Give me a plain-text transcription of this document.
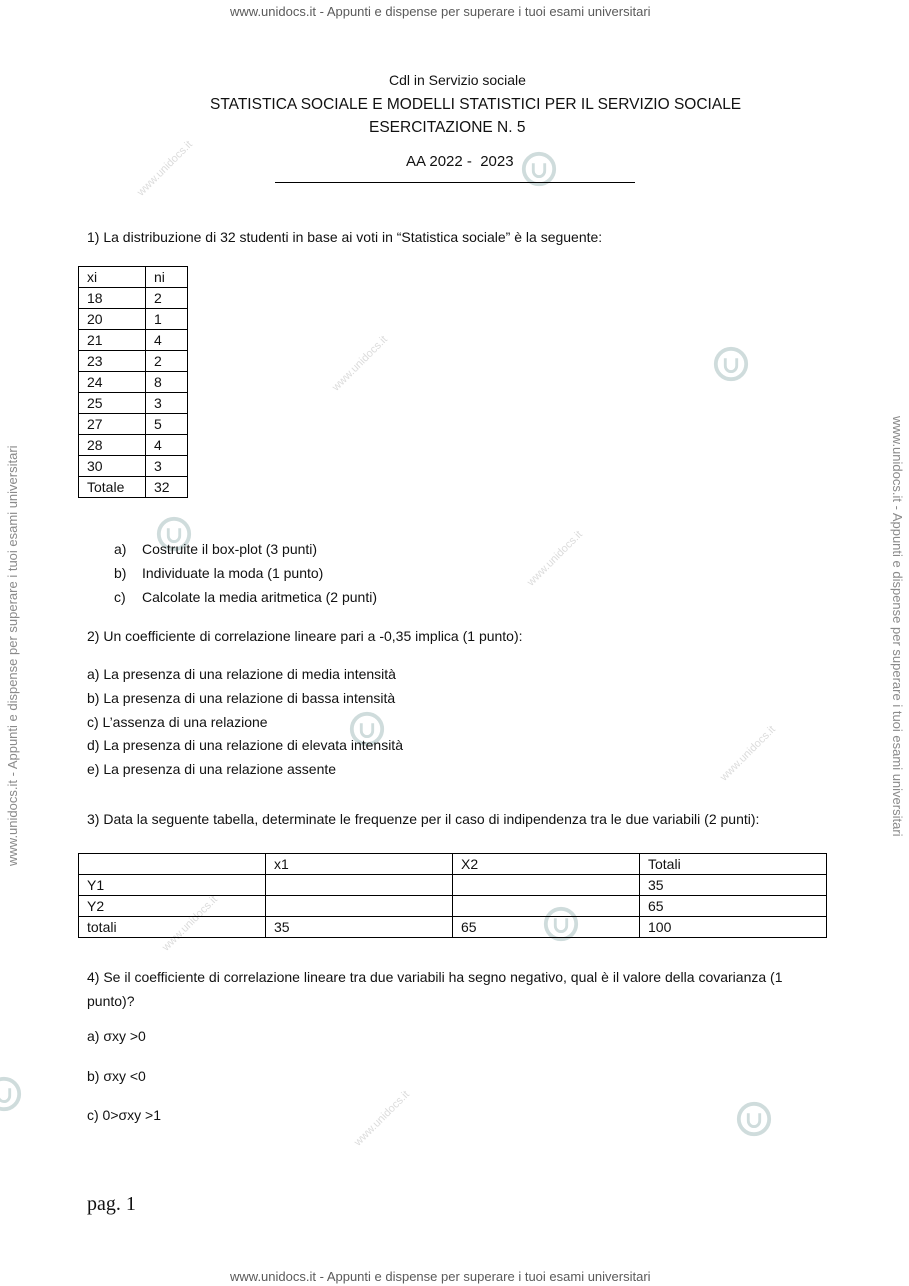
www.unidocs.it - Appunti e dispense per superare i tuoi esami universitari
www.unidocs.it - Appunti e dispense per superare i tuoi esami universitari
www.unidocs.it - Appunti e dispense per superare i tuoi esami universitari	www.unidocs.it - Appunti e dispense per superare i tuoi esami universitari
www.unidocs.it
www.unidocs.it
www.unidocs.it
www.unidocs.it
www.unidocs.it
www.unidocs.it
Cdl in Servizio sociale
STATISTICA SOCIALE E MODELLI STATISTICI PER IL SERVIZIO SOCIALE
ESERCITAZIONE N. 5
AA 2022 -  2023
1) La distribuzione di 32 studenti in base ai voti in “Statistica sociale” è la seguente:
xi	ni
18	2
20	1
21	4
23	2
24	8
25	3
27	5
28	4
30	3
Totale	32
a) Costruite il box-plot (3 punti)
b) Individuate la moda (1 punto)
c) Calcolate la media aritmetica (2 punti)
2) Un coefficiente di correlazione lineare pari a -0,35 implica (1 punto):
a) La presenza di una relazione di media intensità
b) La presenza di una relazione di bassa intensità
c) L’assenza di una relazione
d) La presenza di una relazione di elevata intensità
e) La presenza di una relazione assente
3) Data la seguente tabella, determinate le frequenze per il caso di indipendenza tra le due variabili (2 punti):
	x1	X2	Totali
Y1			35
Y2			65
totali	35	65	100
4) Se il coefficiente di correlazione lineare tra due variabili ha segno negativo, qual è il valore della covarianza (1 punto)?
a) σxy >0
b) σxy <0
c) 0>σxy >1
pag. 1
